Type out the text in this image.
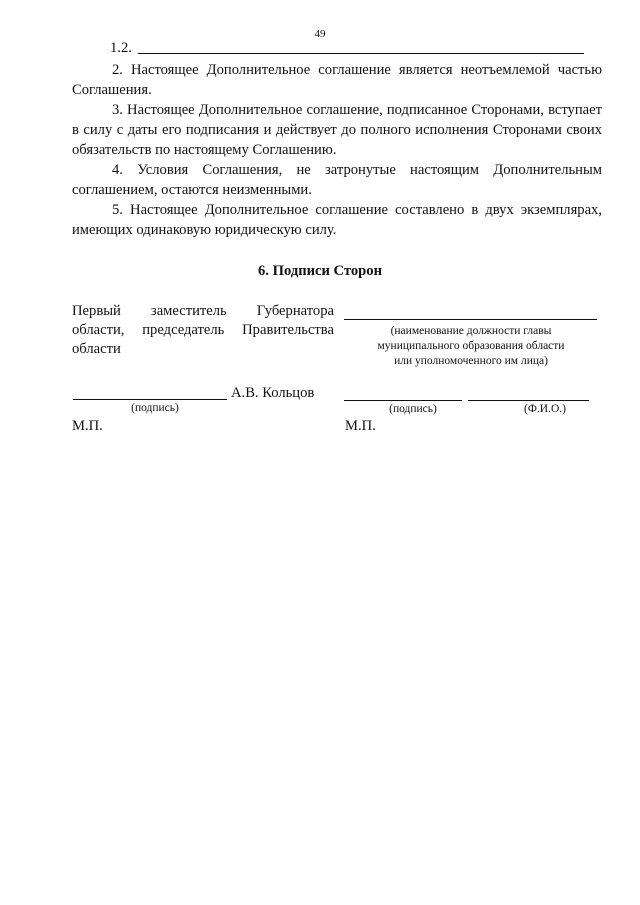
49
1.2.

2. Настоящее Дополнительное соглашение является неотъемлемой частью Соглашения.

3. Настоящее Дополнительное соглашение, подписанное Сторонами, вступает в силу с даты его подписания и действует до полного исполнения Сторонами своих обязательств по настоящему Соглашению.

4. Условия Соглашения, не затронутые настоящим Дополнительным соглашением, остаются неизменными.

5. Настоящее Дополнительное соглашение составлено в двух экземплярах, имеющих одинаковую юридическую силу.

6. Подписи Сторон
Первый заместитель Губернатора
области, председатель Правительства
области
А.В. Кольцов
(подпись)
М.П.
(наименование должности главы
муниципального образования области
или уполномоченного им лица)
(подпись)	(Ф.И.О.)
М.П.
